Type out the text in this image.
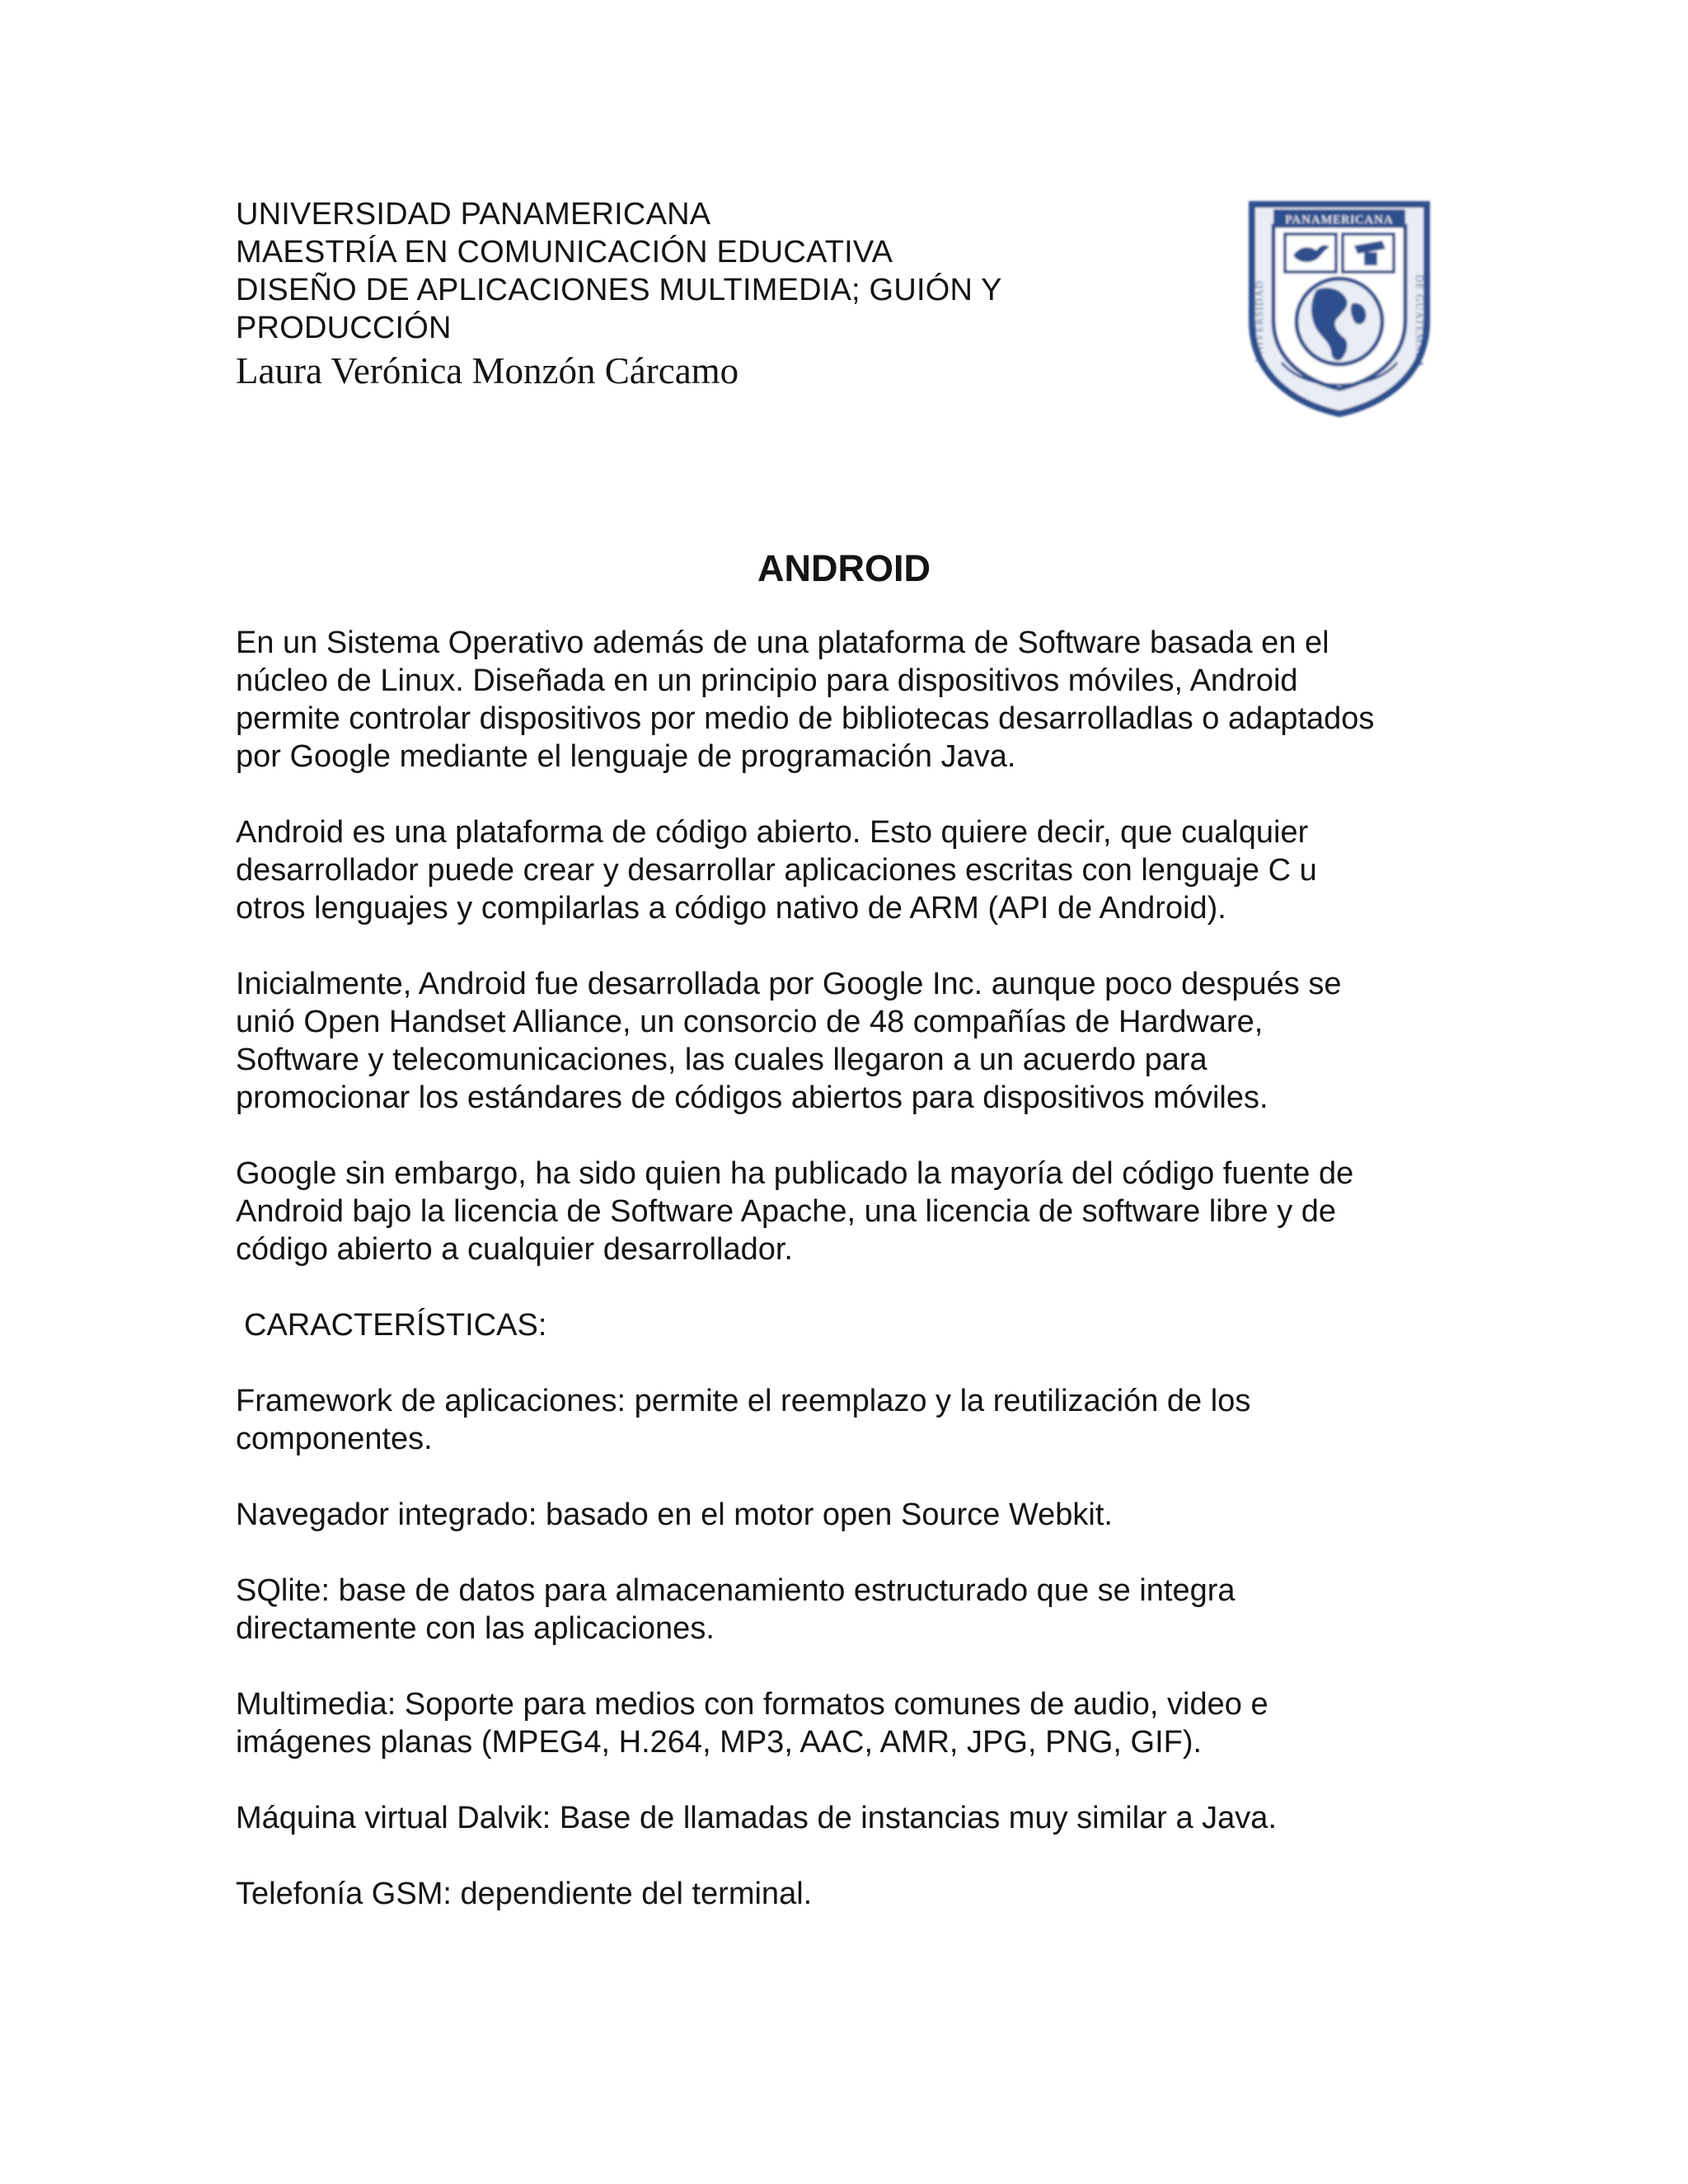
UNIVERSIDAD PANAMERICANA

MAESTRÍA EN COMUNICACIÓN EDUCATIVA

DISEÑO DE APLICACIONES MULTIMEDIA; GUIÓN Y

PRODUCCIÓN

Laura Verónica Monzón Cárcamo

PANAMERICANA
UNIVERSIDAD	DE GUATEMALA
ANDROID

En un Sistema Operativo además de una plataforma de Software basada en el
núcleo de Linux. Diseñada en un principio para dispositivos móviles, Android
permite controlar dispositivos por medio de bibliotecas desarrolladlas o adaptados
por Google mediante el lenguaje de programación Java.

Android es una plataforma de código abierto. Esto quiere decir, que cualquier
desarrollador puede crear y desarrollar aplicaciones escritas con lenguaje C u
otros lenguajes y compilarlas a código nativo de ARM (API de Android).

Inicialmente, Android fue desarrollada por Google Inc. aunque poco después se
unió Open Handset Alliance, un consorcio de 48 compañías de Hardware,
Software y telecomunicaciones, las cuales llegaron a un acuerdo para
promocionar los estándares de códigos abiertos para dispositivos móviles.

Google sin embargo, ha sido quien ha publicado la mayoría del código fuente de
Android bajo la licencia de Software Apache, una licencia de software libre y de
código abierto a cualquier desarrollador.

CARACTERÍSTICAS:

Framework de aplicaciones: permite el reemplazo y la reutilización de los
componentes.

Navegador integrado: basado en el motor open Source Webkit.

SQlite: base de datos para almacenamiento estructurado que se integra
directamente con las aplicaciones.

Multimedia: Soporte para medios con formatos comunes de audio, video e
imágenes planas (MPEG4, H.264, MP3, AAC, AMR, JPG, PNG, GIF).

Máquina virtual Dalvik: Base de llamadas de instancias muy similar a Java.

Telefonía GSM: dependiente del terminal.
